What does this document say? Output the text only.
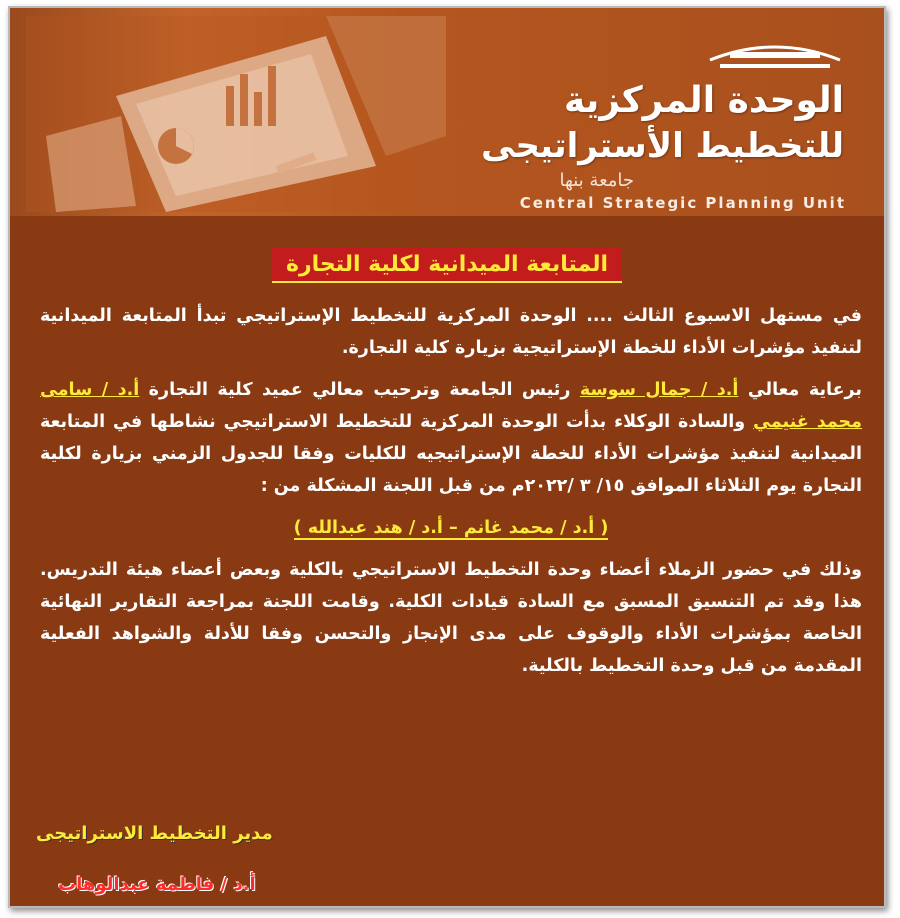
الوحدة المركزية
للتخطيط الأستراتيجى
جامعة بنها
Central Strategic Planning Unit
المتابعة الميدانية لكلية التجارة

في مستهل الاسبوع الثالث .... الوحدة المركزية للتخطيط الإستراتيجي تبدأ المتابعة الميدانية لتنفيذ مؤشرات الأداء للخطة الإستراتيجية بزيارة كلية التجارة.

برعاية معالي أ.د / جمال سوسة رئيس الجامعة وترحيب معالي عميد كلية التجارة أ.د / سامى محمد غنيمي والسادة الوكلاء بدأت الوحدة المركزية للتخطيط الاستراتيجي نشاطها في المتابعة الميدانية لتنفيذ مؤشرات الأداء للخطة الإستراتيجيه للكليات وفقا للجدول الزمني بزيارة لكلية التجارة يوم الثلاثاء الموافق ١٥/ ٣ /٢٠٢٢م من قبل اللجنة المشكلة من :

( أ.د / محمد غانم – أ.د / هند عبدالله )

وذلك في حضور الزملاء أعضاء وحدة التخطيط الاستراتيجي بالكلية وبعض أعضاء هيئة التدريس. هذا وقد تم التنسيق المسبق مع السادة قيادات الكلية. وقامت اللجنة بمراجعة التقارير النهائية الخاصة بمؤشرات الأداء والوقوف على مدى الإنجاز والتحسن وفقا للأدلة والشواهد الفعلية المقدمة من قبل وحدة التخطيط بالكلية.

مدير التخطيط الاستراتيجى
أ.د / فاطمة عبدالوهاب
